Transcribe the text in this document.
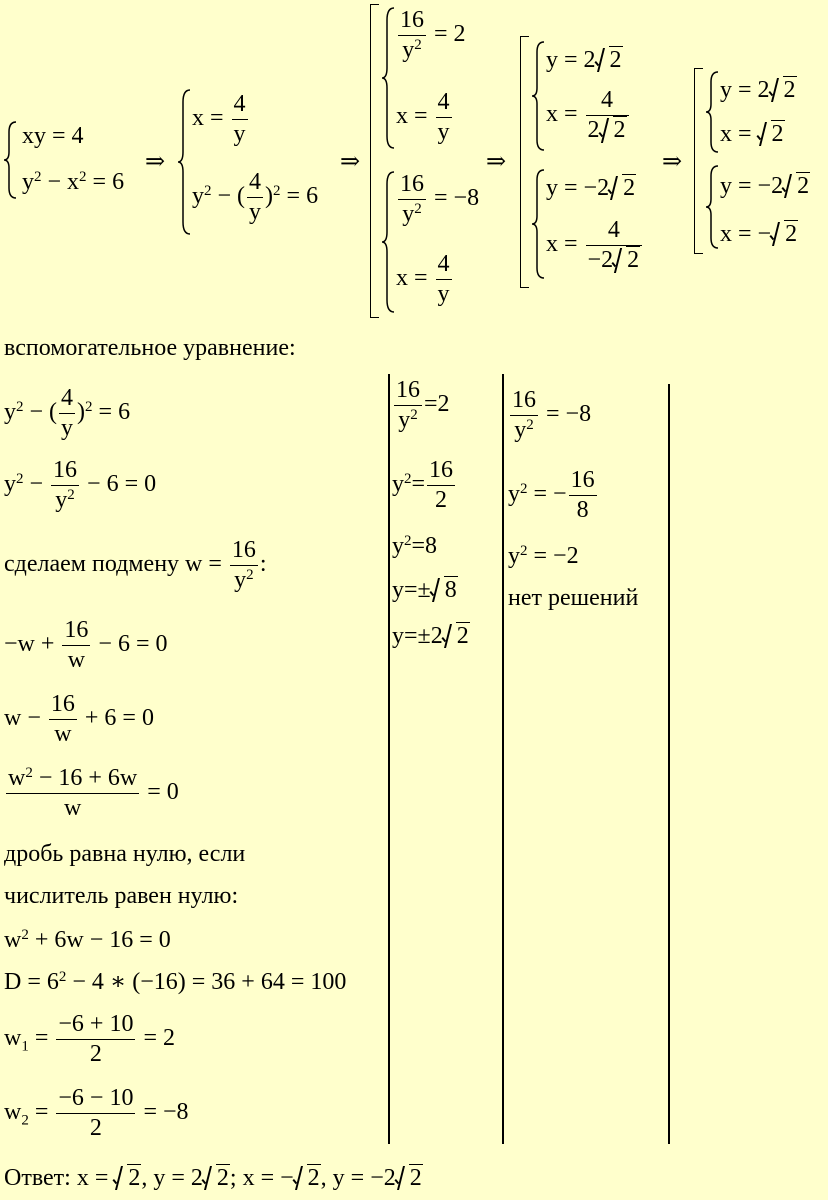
xy = 4
$y^2 - x^2 = 6$
⇒
$x = \frac{4}{y}$
$y^2$ − ( $\frac{4}{y} )^2 = 6$
⇒
$\frac{16}{y^2} = 2$
$x = \frac{4}{y}$
$\frac{16}{y^2} = -8$
$x = \frac{4}{y}$
⇒
y = 2 2
$x = \frac{4}{2 2}$
y = −2 2
$x = \frac{4}{-2 2}$
⇒
y = 2 2
x = 2
y = −2 2
x = − 2
вспомогательное уравнение:
$y^2$ − ( $\frac{4}{y} )^2 = 6$
$y^2 - \frac{16}{y^2} - 6 = 0$
сделаем подмену $w = \frac{16}{y^2}$ :
$-w + \frac{16}{w} - 6 = 0$
$w - \frac{16}{w} + 6 = 0$
$\frac{w^2 - 16 + 6w}{w} = 0$
дробь равна нулю, если
числитель равен нулю:
$w^2 + 6w - 16 = 0$
$D = 6^2 - 4$ ∗ (−16) = 36 + 64 = 100
$w_1 = \frac{-6 + 10}{2} = 2$
$w_2 = \frac{-6 - 10}{2} = -8$
$\frac{16}{y^2} =2$
$y^2= \frac{16}{2}$
$y^2=8$
y=± 8
y=±2 2
$\frac{16}{y^2} = -8$
$y^2$ = − $\frac{16}{8}$
$y^2 = -2$
нет решений
Ответ: x = 2, y = 2 2; x = − 2, y = −2 2
